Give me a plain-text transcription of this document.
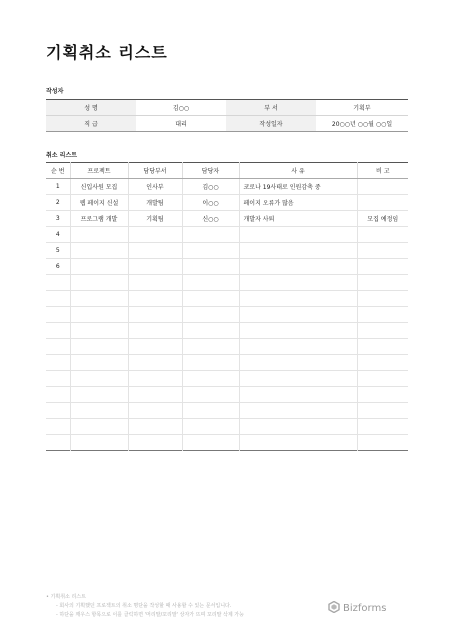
기획취소 리스트
작성자
성 명	김○○	부 서	기획부
직 급	대리	작성일자	20○○년 ○○월 ○○일
취소 리스트
순 번	프로젝트	담당부서	담당자	사 유	비 고
1	신입사원 모집	인사부	김○○	코로나 19사태로 인원감축 중	
2	웹 페이지 신설	개발팀	이○○	페이지 오류가 많음	
3	프로그램 개발	기획팀	신○○	개발자 사퇴	모집 예정임
4					
5					
6					

• 기획취소 리스트
- 회사의 기획했던 프로젝트의 취소 명단을 작성할 때 사용할 수 있는 문서입니다.
- 하단을 깨우스 항목으로 이를 클릭하면 '머리말/꼬리말' 상자가 뜨며 꼬리말 삭제 가능
Bizforms
